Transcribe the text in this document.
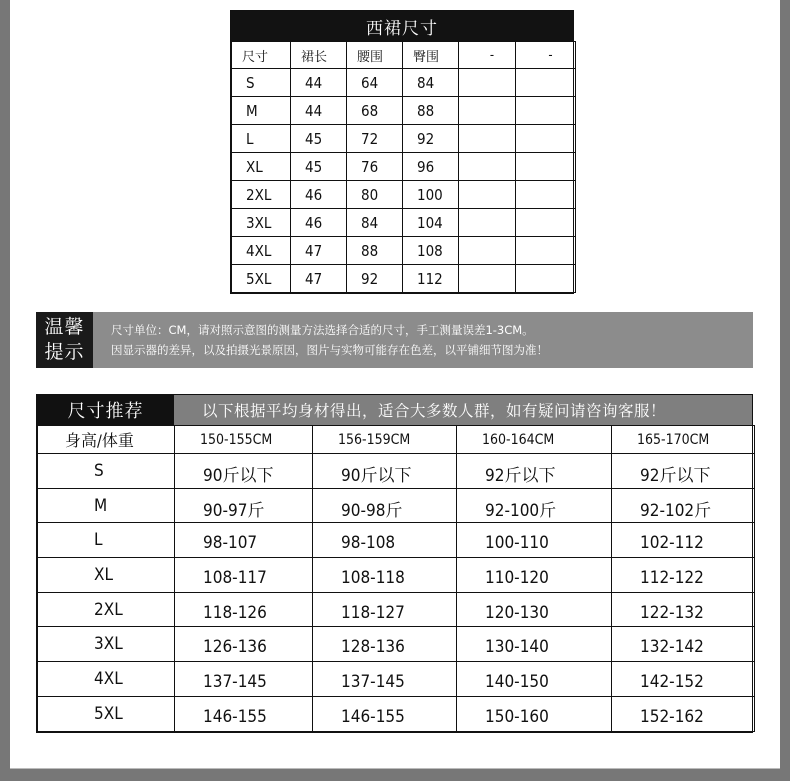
西裙尺寸
尺寸	裙长	腰围	臀围	-	-
S	44	64	84		
M	44	68	88		
L	45	72	92		
XL	45	76	96		
2XL	46	80	100		
3XL	46	84	104		
4XL	47	88	108		
5XL	47	92	112		
温馨
提示
尺寸单位：CM，请对照示意图的测量方法选择合适的尺寸，手工测量误差1-3CM。
因显示器的差异，以及拍摄光景原因，图片与实物可能存在色差，以平铺细节图为准！
尺寸推荐	以下根据平均身材得出，适合大多数人群，如有疑问请咨询客服！
身高/体重	150-155CM	156-159CM	160-164CM	165-170CM
S	90斤以下	90斤以下	92斤以下	92斤以下
M	90-97斤	90-98斤	92-100斤	92-102斤
L	98-107	98-108	100-110	102-112
XL	108-117	108-118	110-120	112-122
2XL	118-126	118-127	120-130	122-132
3XL	126-136	128-136	130-140	132-142
4XL	137-145	137-145	140-150	142-152
5XL	146-155	146-155	150-160	152-162
